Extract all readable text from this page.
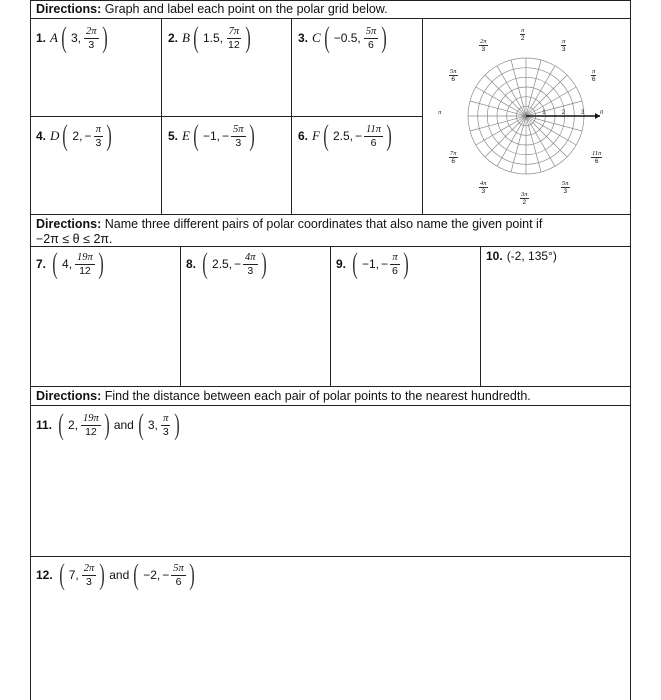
Directions: Graph and label each point on the polar grid below.
1. A ( 3, 2π
3 )	2. B ( 1.5, 7π
12 )	3. C ( −0.5, 5π
6 )
4. D ( 2, − $\frac{\pi}{3}$ )	5. E ( −1, − $\frac{5\pi}{3}$ )	6. F ( 2.5, − $\frac{11\pi}{6}$ )
1	2	3
π
2	π
3
π
6
0
11π
6
5π
3
3π
2
4π
3
7π
6
π
5π
6
2π
3
Directions: Name three different pairs of polar coordinates that also name the given point if
−2π ≤ θ ≤ 2π.
7. ( 4, 19π
12 )	8. ( 2.5, − $\frac{4\pi}{3}$ )	9. ( −1, − $\frac{\pi}{6}$ )	10. (-2, 135°)
Directions: Find the distance between each pair of polar points to the nearest hundredth.
11. ( 2, 19π
12 ) and ( 3, π
3 )
12. ( 7, 2π
3 ) and ( −2, − $\frac{5\pi}{6}$ )
